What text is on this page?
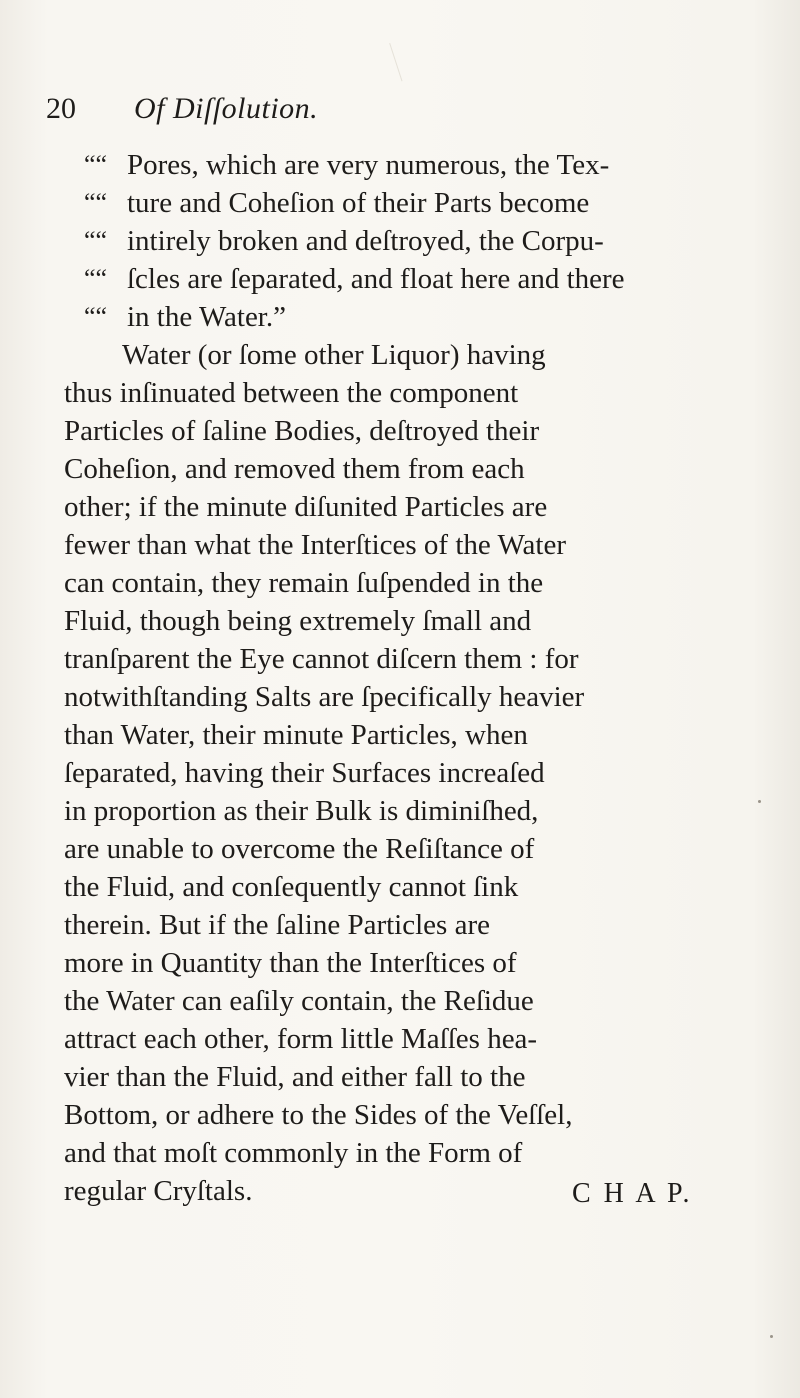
20 Of Diſſolution.
““ Pores, which are very numerous, the Tex-
““ ture and Coheſion of their Parts become
““ intirely broken and deſtroyed, the Corpu-
““ ſcles are ſeparated, and float here and there
““ in the Water.”
Water (or ſome other Liquor) having
thus inſinuated between the component
Particles of ſaline Bodies, deſtroyed their
Coheſion, and removed them from each
other; if the minute diſunited Particles are
fewer than what the Interſtices of the Water
can contain, they remain ſuſpended in the
Fluid, though being extremely ſmall and
tranſparent the Eye cannot diſcern them : for
notwithſtanding Salts are ſpecifically heavier
than Water, their minute Particles, when
ſeparated, having their Surfaces increaſed
in proportion as their Bulk is diminiſhed,
are unable to overcome the Reſiſtance of
the Fluid, and conſequently cannot ſink
therein. But if the ſaline Particles are
more in Quantity than the Interſtices of
the Water can eaſily contain, the Reſidue
attract each other, form little Maſſes hea-
vier than the Fluid, and either fall to the
Bottom, or adhere to the Sides of the Veſſel,
and that moſt commonly in the Form of
regular Cryſtals.	C H A P.
